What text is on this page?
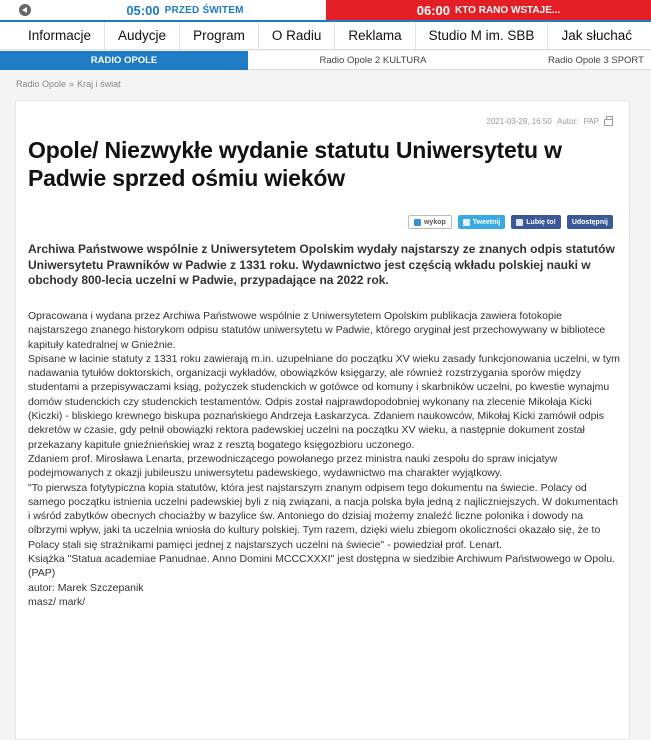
05:00 PRZED ŚWITEM	06:00 KTO RANO WSTAJE...
Informacje	Audycje	Program	O Radiu	Reklama	Studio M im. SBB	Jak słuchać
RADIO OPOLE	Radio Opole 2 KULTURA	Radio Opole 3 SPORT
Radio Opole » Kraj i świat
2021-03-28, 16:50 Autor: PAP
Opole/ Niezwykłe wydanie statutu Uniwersytetu w Padwie sprzed ośmiu wieków
wykop	Tweetnij	Lubię to! Udostępnij

Archiwa Państwowe wspólnie z Uniwersytetem Opolskim wydały najstarszy ze znanych odpis statutów Uniwersytetu Prawników w Padwie z 1331 roku. Wydawnictwo jest częścią wkładu polskiej nauki w obchody 800-lecia uczelni w Padwie, przypadające na 2022 rok.

Opracowana i wydana przez Archiwa Państwowe wspólnie z Uniwersytetem Opolskim publikacja zawiera fotokopie najstarszego znanego historykom odpisu statutów uniwersytetu w Padwie, którego oryginał jest przechowywany w bibliotece kapituły katedralnej w Gnieźnie.

Spisane w łacinie statuty z 1331 roku zawierają m.in. uzupełniane do początku XV wieku zasady funkcjonowania uczelni, w tym nadawania tytułów doktorskich, organizacji wykładów, obowiązków księgarzy, ale również rozstrzygania sporów między studentami a przepisywaczami ksiąg, pożyczek studenckich w gotówce od komuny i skarbników uczelni, po kwestie wynajmu domów studenckich czy studenckich testamentów. Odpis został najprawdopodobniej wykonany na zlecenie Mikołaja Kicki (Kiczki) - bliskiego krewnego biskupa poznańskiego Andrzeja Łaskarzyca. Zdaniem naukowców, Mikołaj Kicki zamówił odpis dekretów w czasie, gdy pełnił obowiązki rektora padewskiej uczelni na początku XV wieku, a następnie dokument został przekazany kapitule gnieźnieńskiej wraz z resztą bogatego księgozbioru uczonego.

Zdaniem prof. Mirosława Lenarta, przewodniczącego powołanego przez ministra nauki zespołu do spraw inicjatyw podejmowanych z okazji jubileuszu uniwersytetu padewskiego, wydawnictwo ma charakter wyjątkowy.

"To pierwsza fotytypiczna kopia statutów, która jest najstarszym znanym odpisem tego dokumentu na świecie. Polacy od samego początku istnienia uczelni padewskiej byli z nią związani, a nacja polska była jedną z najliczniejszych. W dokumentach i wśród zabytków obecnych chociażby w bazylice św. Antoniego do dzisiaj możemy znaleźć liczne polonika i dowody na olbrzymi wpływ, jaki ta uczelnia wniosła do kultury polskiej. Tym razem, dzięki wielu zbiegom okoliczności okazało się, że to Polacy stali się strażnikami pamięci jednej z najstarszych uczelni na świecie" - powiedział prof. Lenart.

Książka "Statua academiae Panudnae. Anno Domini MCCCXXXI" jest dostępna w siedzibie Archiwum Państwowego w Opolu.(PAP)

autor: Marek Szczepanik

masz/ mark/
